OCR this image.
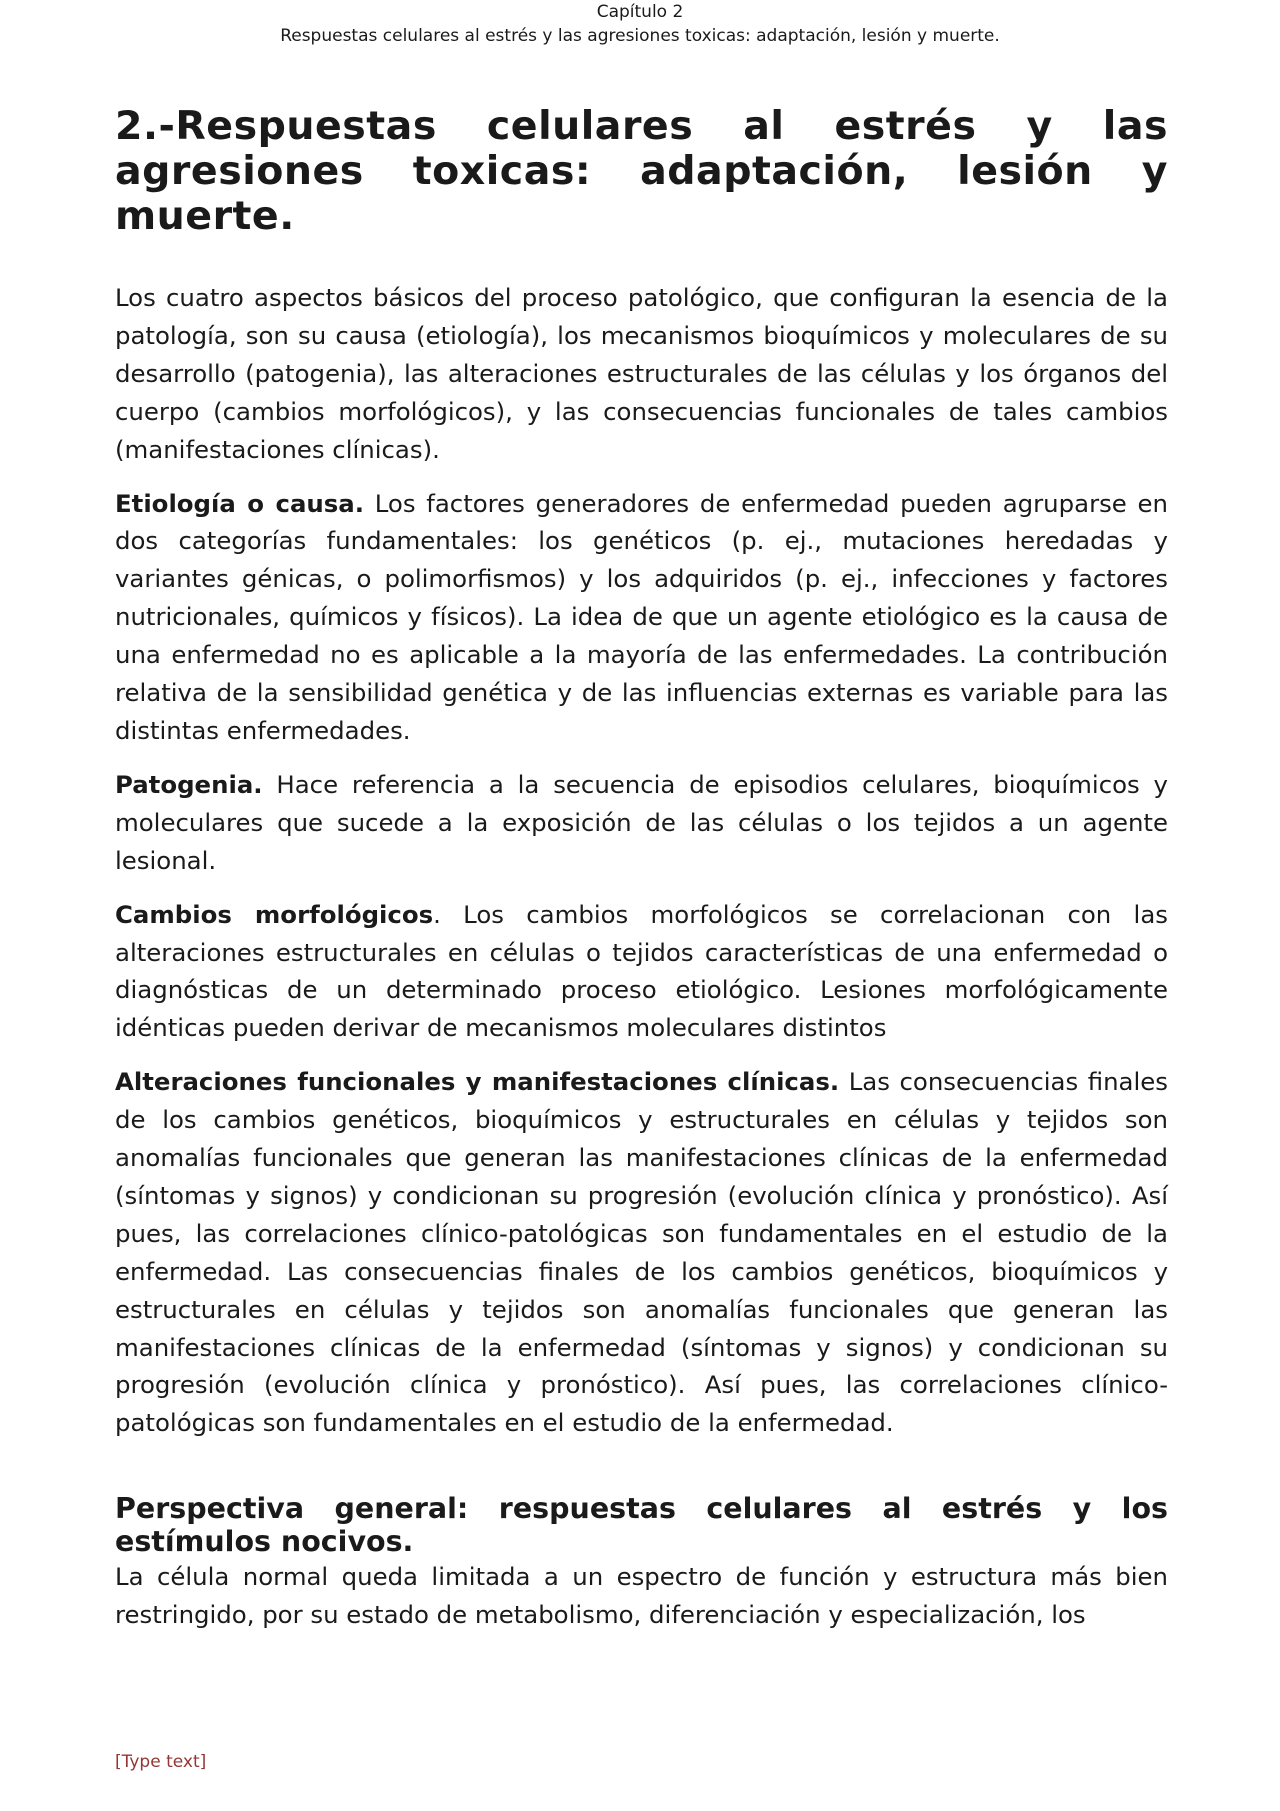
Capítulo 2
Respuestas celulares al estrés y las agresiones toxicas: adaptación, lesión y muerte.
2.-Respuestas celulares al estrés y las agresiones toxicas: adaptación, lesión y muerte.

Los cuatro aspectos básicos del proceso patológico, que configuran la esencia de la patología, son su causa (etiología), los mecanismos bioquímicos y moleculares de su desarrollo (patogenia), las alteraciones estructurales de las células y los órganos del cuerpo (cambios morfológicos), y las consecuencias funcionales de tales cambios (manifestaciones clínicas).

Etiología o causa. Los factores generadores de enfermedad pueden agruparse en dos categorías fundamentales: los genéticos (p. ej., mutaciones heredadas y variantes génicas, o polimorfismos) y los adquiridos (p. ej., infecciones y factores nutricionales, químicos y físicos). La idea de que un agente etiológico es la causa de una enfermedad no es aplicable a la mayoría de las enfermedades. La contribución relativa de la sensibilidad genética y de las influencias externas es variable para las distintas enfermedades.

Patogenia. Hace referencia a la secuencia de episodios celulares, bioquímicos y moleculares que sucede a la exposición de las células o los tejidos a un agente lesional.

Cambios morfológicos. Los cambios morfológicos se correlacionan con las alteraciones estructurales en células o tejidos características de una enfermedad o diagnósticas de un determinado proceso etiológico. Lesiones morfológicamente idénticas pueden derivar de mecanismos moleculares distintos

Alteraciones funcionales y manifestaciones clínicas. Las consecuencias finales de los cambios genéticos, bioquímicos y estructurales en células y tejidos son anomalías funcionales que generan las manifestaciones clínicas de la enfermedad (síntomas y signos) y condicionan su progresión (evolución clínica y pronóstico). Así pues, las correlaciones clínico-patológicas son fundamentales en el estudio de la enfermedad. Las consecuencias finales de los cambios genéticos, bioquímicos y estructurales en células y tejidos son anomalías funcionales que generan las manifestaciones clínicas de la enfermedad (síntomas y signos) y condicionan su progresión (evolución clínica y pronóstico). Así pues, las correlaciones clínico-patológicas son fundamentales en el estudio de la enfermedad.

Perspectiva general: respuestas celulares al estrés y los estímulos nocivos.

La célula normal queda limitada a un espectro de función y estructura más bien restringido, por su estado de metabolismo, diferenciación y especialización, los

[Type text]
